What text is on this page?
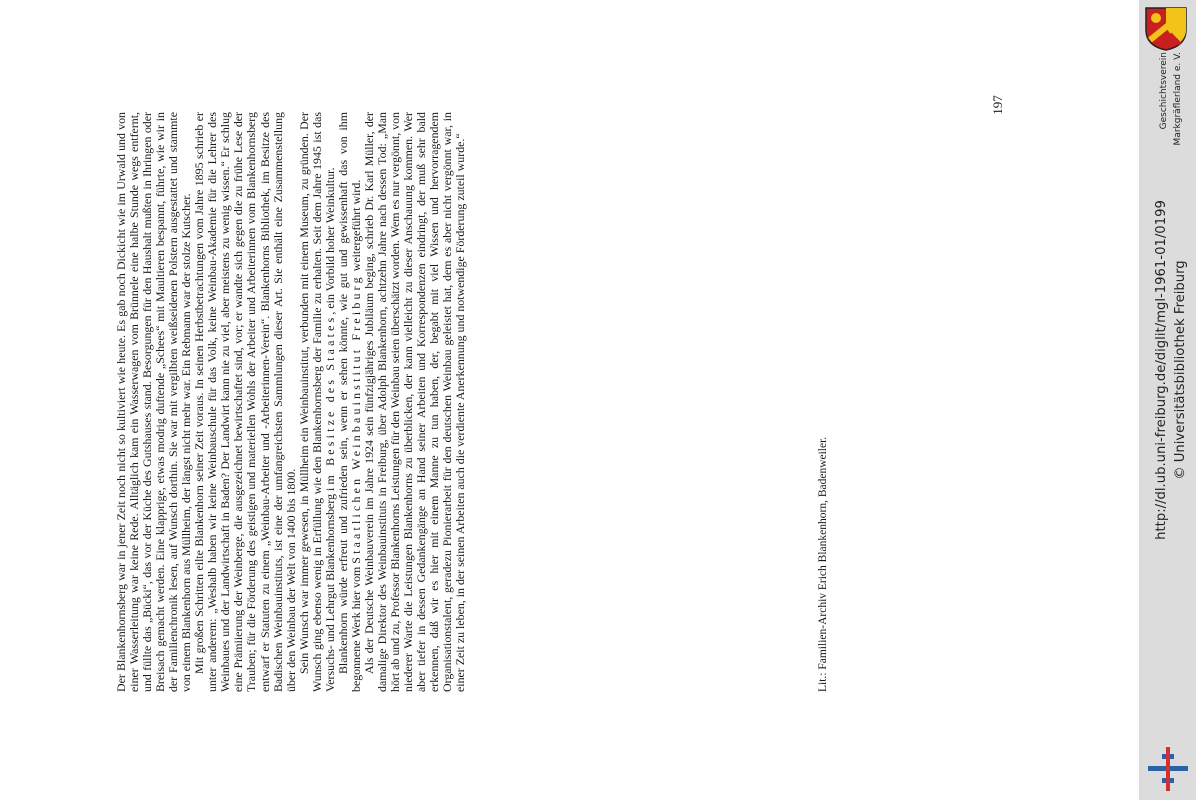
Der Blankenhornsberg war in jener Zeit noch nicht so kultiviert wie heute. Es gab noch Dickicht wie im Urwald und von einer Wasserleitung war keine Rede. Alltäglich kam ein Wasserwagen vom Brünnele eine halbe Stunde wegs entfernt, und füllte das „Bücki“, das vor der Küche des Gutshauses stand. Besorgungen für den Haushalt mußten in Ihringen oder Breisach gemacht werden. Eine klapprige, etwas modrig duftende „Schees“ mit Maultieren bespannt, führte, wie wir in der Familienchronik lesen, auf Wunsch dorthin. Sie war mit vergilbten weißseidenen Polstern ausgestattet und stammte von einem Blankenhorn aus Müllheim, der längst nicht mehr war. Ein Rebmann war der stolze Kutscher. Mit großen Schritten eilte Blankenhorn seiner Zeit voraus. In seinen Herbstbetrachtungen vom Jahre 1895 schrieb er unter anderem: „Weshalb haben wir keine Weinbauschule für das Volk, keine Weinbau-Akademie für die Lehrer des Weinbaues und der Landwirtschaft in Baden? Der Landwirt kann nie zu viel, aber meistens zu wenig wissen.“ Er schlug eine Prämiierung der Weinberge, die ausgezeichnet bewirtschaftet sind, vor; er wandte sich gegen die zu frühe Lese der Trauben; für die Förderung des geistigen und materiellen Wohls der Arbeiter und Arbeiterinnen vom Blankenhornsberg entwarf er Statuten zu einem „Weinbau-Arbeiter und -Arbeiterinnen-Verein“. Blankenhorns Bibliothek, im Besitze des Badischen Weinbauinstituts, ist eine der umfangreichsten Sammlungen dieser Art. Sie enthält eine Zusammenstellung über den Weinbau der Welt von 1400 bis 1800. Sein Wunsch war immer gewesen, in Müllheim ein Weinbauinstitut, verbunden mit einem Museum, zu gründen. Der Wunsch ging ebenso wenig in Erfüllung wie den Blankenhornsberg der Familie zu erhalten. Seit dem Jahre 1945 ist das Versuchs- und Lehrgut Blankenhornsberg im Besitze des Staates, ein Vorbild hoher Weinkultur. Blankenhorn würde erfreut und zufrieden sein, wenn er sehen könnte, wie gut und gewissenhaft das von ihm begonnene Werk hier vom Staatlichen Weinbauinstitut Freiburg weitergeführt wird. Als der Deutsche Weinbauverein im Jahre 1924 sein fünfzigjähriges Jubiläum beging, schrieb Dr. Karl Müller, der damalige Direktor des Weinbauinstituts in Freiburg, über Adolph Blankenhorn, achtzehn Jahre nach dessen Tod: „Man hört ab und zu, Professor Blankenhorns Leistungen für den Weinbau seien überschätzt worden. Wem es nur vergönnt, von niederer Warte die Leistungen Blankenhorns zu überblicken, der kann vielleicht zu dieser Anschauung kommen. Wer aber tiefer in dessen Gedankengänge an Hand seiner Arbeiten und Korrespondenzen eindringt, der muß sehr bald erkennen, daß wir es hier mit einem Manne zu tun haben, der, begabt mit viel Wissen und hervorragendem Organisationstalent, geradezu Pionierarbeit für den deutschen Weinbau geleistet hat, dem es aber nicht vergönnt war, in einer Zeit zu leben, in der seinen Arbeiten auch die verdiente Anerkennung und notwendige Förderung zuteil wurde.“	Lit.: Familien-Archiv Erich Blankenhorn, Badenweiler.
197
http://dl.ub.uni-freiburg.de/diglit/mgl-1961-01/0199 © Universitätsbibliothek Freiburg
Geschichtsverein Markgräflerland e. V.
